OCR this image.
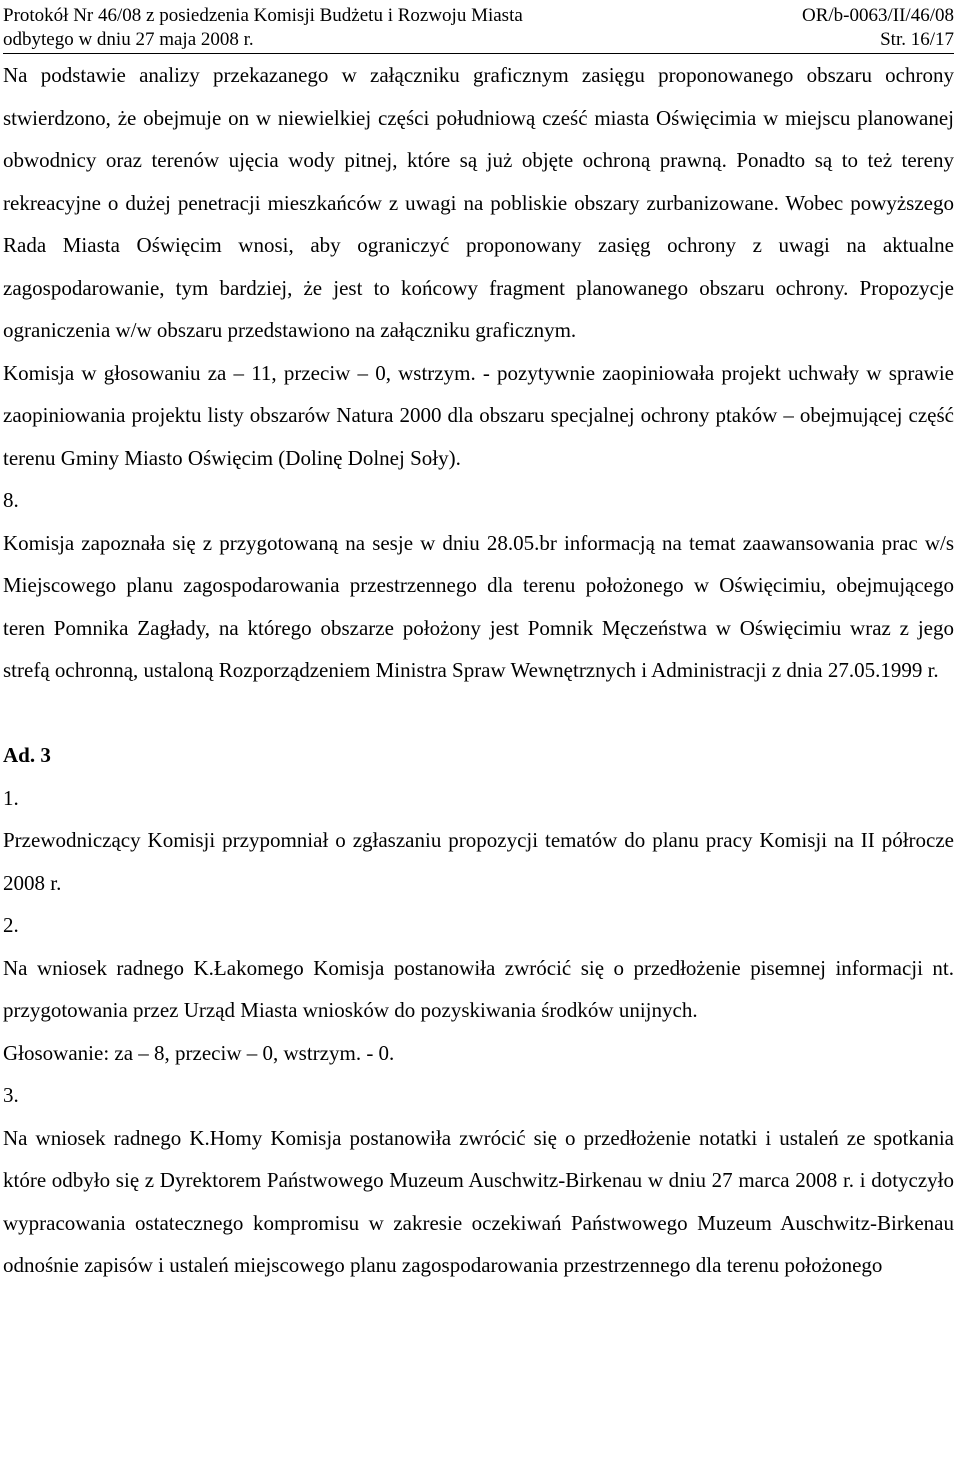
Protokół Nr 46/08 z posiedzenia Komisji Budżetu i Rozwoju Miasta	OR/b-0063/II/46/08
odbytego w dniu 27 maja 2008 r.	Str. 16/17

Na podstawie analizy przekazanego w załączniku graficznym zasięgu proponowanego obszaru ochrony stwierdzono, że obejmuje on w niewielkiej części południową cześć miasta Oświęcimia w miejscu planowanej obwodnicy oraz terenów ujęcia wody pitnej, które są już objęte ochroną prawną. Ponadto są to też tereny rekreacyjne o dużej penetracji mieszkańców z uwagi na pobliskie obszary zurbanizowane. Wobec powyższego Rada Miasta Oświęcim wnosi, aby ograniczyć proponowany zasięg ochrony z uwagi na aktualne zagospodarowanie, tym bardziej, że jest to końcowy fragment planowanego obszaru ochrony. Propozycje ograniczenia w/w obszaru przedstawiono na załączniku graficznym.

Komisja w głosowaniu za – 11, przeciw – 0, wstrzym. - pozytywnie zaopiniowała projekt uchwały w sprawie zaopiniowania projektu listy obszarów Natura 2000 dla obszaru specjalnej ochrony ptaków – obejmującej część terenu Gminy Miasto Oświęcim (Dolinę Dolnej Soły).

8.

Komisja zapoznała się z przygotowaną na sesje w dniu 28.05.br informacją na temat zaawansowania prac w/s Miejscowego planu zagospodarowania przestrzennego dla terenu położonego w Oświęcimiu, obejmującego teren Pomnika Zagłady, na którego obszarze położony jest Pomnik Męczeństwa w Oświęcimiu wraz z jego strefą ochronną, ustaloną Rozporządzeniem Ministra Spraw Wewnętrznych i Administracji z dnia 27.05.1999 r.

Ad. 3

1.

Przewodniczący Komisji przypomniał o zgłaszaniu propozycji tematów do planu pracy Komisji na II półrocze 2008 r.

2.

Na wniosek radnego K.Łakomego Komisja postanowiła zwrócić się o przedłożenie pisemnej informacji nt. przygotowania przez Urząd Miasta wniosków do pozyskiwania środków unijnych.

Głosowanie: za – 8, przeciw – 0, wstrzym. - 0.

3.

Na wniosek radnego K.Homy Komisja postanowiła zwrócić się o przedłożenie notatki i ustaleń ze spotkania które odbyło się z Dyrektorem Państwowego Muzeum Auschwitz-Birkenau w dniu 27 marca 2008 r. i dotyczyło wypracowania ostatecznego kompromisu w zakresie oczekiwań Państwowego Muzeum Auschwitz-Birkenau odnośnie zapisów i ustaleń miejscowego planu zagospodarowania przestrzennego dla terenu położonego
